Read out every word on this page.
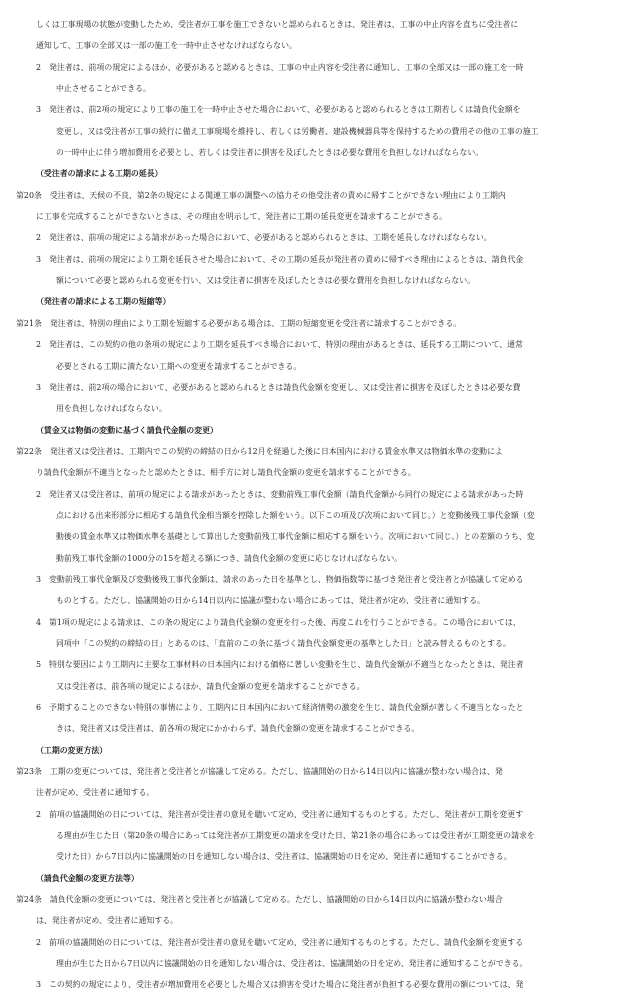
しくは工事現場の状態が変動したため、受注者が工事を施工できないと認められるときは、発注者は、工事の中止内容を直ちに受注者に
通知して、工事の全部又は一部の施工を一時中止させなければならない。
2　発注者は、前項の規定によるほか、必要があると認めるときは、工事の中止内容を受注者に通知し、工事の全部又は一部の施工を一時
中止させることができる。
3　発注者は、前2項の規定により工事の施工を一時中止させた場合において、必要があると認められるときは工期若しくは請負代金額を
変更し、又は受注者が工事の続行に備え工事現場を維持し、若しくは労働者、建設機械器具等を保持するための費用その他の工事の施工
の一時中止に伴う増加費用を必要とし、若しくは受注者に損害を及ぼしたときは必要な費用を負担しなければならない。
（受注者の請求による工期の延長）
第20条　受注者は、天候の不良、第2条の規定による関連工事の調整への協力その他受注者の責めに帰すことができない理由により工期内
に工事を完成することができないときは、その理由を明示して、発注者に工期の延長変更を請求することができる。
2　発注者は、前項の規定による請求があった場合において、必要があると認められるときは、工期を延長しなければならない。
3　発注者は、前項の規定により工期を延長させた場合において、その工期の延長が発注者の責めに帰すべき理由によるときは、請負代金
額について必要と認められる変更を行い、又は受注者に損害を及ぼしたときは必要な費用を負担しなければならない。
（発注者の請求による工期の短縮等）
第21条　発注者は、特別の理由により工期を短縮する必要がある場合は、工期の短縮変更を受注者に請求することができる。
2　発注者は、この契約の他の条項の規定により工期を延長すべき場合において、特別の理由があるときは、延長する工期について、通常
必要とされる工期に満たない工期への変更を請求することができる。
3　発注者は、前2項の場合において、必要があると認められるときは請負代金額を変更し、又は受注者に損害を及ぼしたときは必要な費
用を負担しなければならない。
（賃金又は物価の変動に基づく請負代金額の変更）
第22条　発注者又は受注者は、工期内でこの契約の締結の日から12月を経過した後に日本国内における賃金水準又は物価水準の変動によ
り請負代金額が不適当となったと認めたときは、相手方に対し請負代金額の変更を請求することができる。
2　発注者又は受注者は、前項の規定による請求があったときは、変動前残工事代金額（請負代金額から同行の規定による請求があった時
点における出来形部分に相応する請負代金相当額を控除した額をいう。以下この項及び次項において同じ。）と変動後残工事代金額（変
動後の賃金水準又は物価水準を基礎として算出した変動前残工事代金額に相応する額をいう。次項において同じ。）との差額のうち、変
動前残工事代金額の1000分の15を超える額につき、請負代金額の変更に応じなければならない。
3　変動前残工事代金額及び変動後残工事代金額は、請求のあった日を基準とし、物価指数等に基づき発注者と受注者とが協議して定める
ものとする。ただし、協議開始の日から14日以内に協議が整わない場合にあっては、発注者が定め、受注者に通知する。
4　第1項の規定による請求は、この条の規定により請負代金額の変更を行った後、再度これを行うことができる。この場合においては、
同項中「この契約の締結の日」とあるのは、「直前のこの条に基づく請負代金額変更の基準とした日」と読み替えるものとする。
5　特別な要因により工期内に主要な工事材料の日本国内における価格に著しい変動を生じ、請負代金額が不適当となったときは、発注者
又は受注者は、前各項の規定によるほか、請負代金額の変更を請求することができる。
6　予期することのできない特別の事情により、工期内に日本国内において経済情勢の激変を生じ、請負代金額が著しく不適当となったと
きは、発注者又は受注者は、前各項の規定にかかわらず、請負代金額の変更を請求することができる。
（工期の変更方法）
第23条　工期の変更については、発注者と受注者とが協議して定める。ただし、協議開始の日から14日以内に協議が整わない場合は、発
注者が定め、受注者に通知する。
2　前項の協議開始の日については、発注者が受注者の意見を聴いて定め、受注者に通知するものとする。ただし、発注者が工期を変更す
る理由が生じた日（第20条の場合にあっては発注者が工期変更の請求を受けた日、第21条の場合にあっては受注者が工期変更の請求を
受けた日）から7日以内に協議開始の日を通知しない場合は、受注者は、協議開始の日を定め、発注者に通知することができる。
（請負代金額の変更方法等）
第24条　請負代金額の変更については、発注者と受注者とが協議して定める。ただし、協議開始の日から14日以内に協議が整わない場合
は、発注者が定め、受注者に通知する。
2　前項の協議開始の日については、発注者が受注者の意見を聴いて定め、受注者に通知するものとする。ただし、請負代金額を変更する
理由が生じた日から7日以内に協議開始の日を通知しない場合は、受注者は、協議開始の日を定め、発注者に通知することができる。
3　この契約の規定により、受注者が増加費用を必要とした場合又は損害を受けた場合に発注者が負担する必要な費用の額については、発
